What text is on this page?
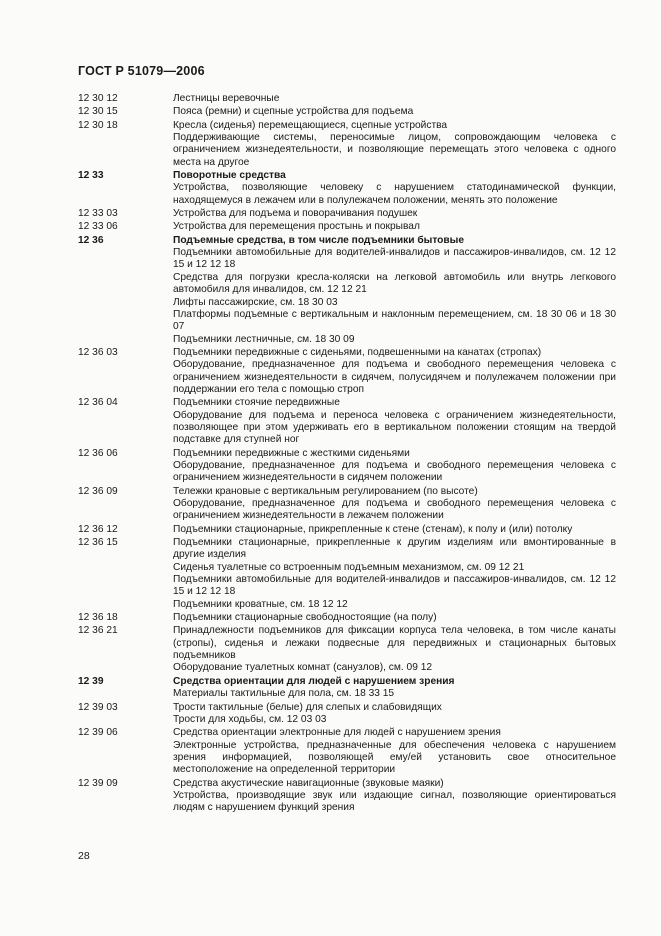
ГОСТ Р 51079—2006
12 30 12	Лестницы веревочные
12 30 15	Пояса (ремни) и сцепные устройства для подъема
12 30 18	Кресла (сиденья) перемещающиеся, сцепные устройства
Поддерживающие системы, переносимые лицом, сопровождающим человека с ограничением жизнедеятельности, и позволяющие перемещать этого человека с одного места на другое
12 33	Поворотные средства
Устройства, позволяющие человеку с нарушением статодинамической функции, находящемуся в лежачем или в полулежачем положении, менять это положение
12 33 03	Устройства для подъема и поворачивания подушек
12 33 06	Устройства для перемещения простынь и покрывал
12 36	Подъемные средства, в том числе подъемники бытовые
Подъемники автомобильные для водителей-инвалидов и пассажиров-инвалидов, см. 12 12 15 и 12 12 18
Средства для погрузки кресла-коляски на легковой автомобиль или внутрь легкового автомобиля для инвалидов, см. 12 12 21
Лифты пассажирские, см. 18 30 03
Платформы подъемные с вертикальным и наклонным перемещением, см. 18 30 06 и 18 30 07
Подъемники лестничные, см. 18 30 09
12 36 03	Подъемники передвижные с сиденьями, подвешенными на канатах (стропах)
Оборудование, предназначенное для подъема и свободного перемещения человека с ограничением жизнедеятельности в сидячем, полусидячем и полулежачем положении при поддержании его тела с помощью строп
12 36 04	Подъемники стоячие передвижные
Оборудование для подъема и переноса человека с ограничением жизнедеятельности, позволяющее при этом удерживать его в вертикальном положении стоящим на твердой подставке для ступней ног
12 36 06	Подъемники передвижные с жесткими сиденьями
Оборудование, предназначенное для подъема и свободного перемещения человека с ограничением жизнедеятельности в сидячем положении
12 36 09	Тележки крановые с вертикальным регулированием (по высоте)
Оборудование, предназначенное для подъема и свободного перемещения человека с ограничением жизнедеятельности в лежачем положении
12 36 12	Подъемники стационарные, прикрепленные к стене (стенам), к полу и (или) потолку
12 36 15	Подъемники стационарные, прикрепленные к другим изделиям или вмонтированные в другие изделия
Сиденья туалетные со встроенным подъемным механизмом, см. 09 12 21
Подъемники автомобильные для водителей-инвалидов и пассажиров-инвалидов, см. 12 12 15 и 12 12 18
Подъемники кроватные, см. 18 12 12
12 36 18	Подъемники стационарные свободностоящие (на полу)
12 36 21	Принадлежности подъемников для фиксации корпуса тела человека, в том числе канаты (стропы), сиденья и лежаки подвесные для передвижных и стационарных бытовых подъемников
Оборудование туалетных комнат (санузлов), см. 09 12
12 39	Средства ориентации для людей с нарушением зрения
Материалы тактильные для пола, см. 18 33 15
12 39 03	Трости тактильные (белые) для слепых и слабовидящих
Трости для ходьбы, см. 12 03 03
12 39 06	Средства ориентации электронные для людей с нарушением зрения
Электронные устройства, предназначенные для обеспечения человека с нарушением зрения информацией, позволяющей ему/ей установить свое относительное местоположение на определенной территории
12 39 09	Средства акустические навигационные (звуковые маяки)
Устройства, производящие звук или издающие сигнал, позволяющие ориентироваться людям с нарушением функций зрения
28
